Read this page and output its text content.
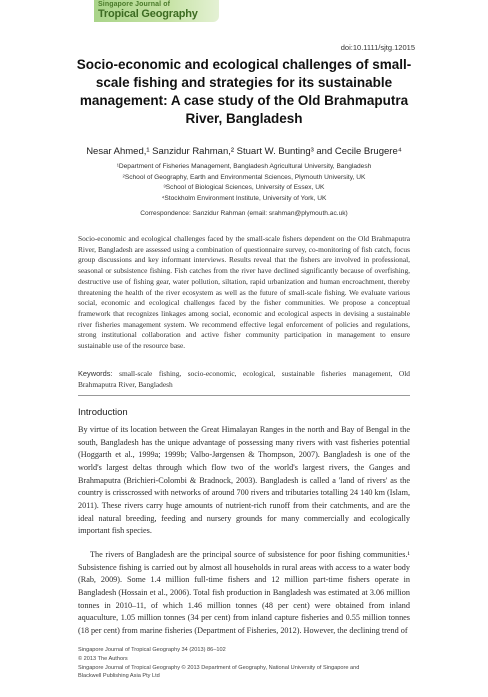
Singapore Journal of
Tropical Geography
doi:10.1111/sjtg.12015
Socio-economic and ecological challenges of small-scale fishing and strategies for its sustainable management: A case study of the Old Brahmaputra River, Bangladesh
Nesar Ahmed,¹ Sanzidur Rahman,² Stuart W. Bunting³ and Cecile Brugere⁴
¹Department of Fisheries Management, Bangladesh Agricultural University, Bangladesh
²School of Geography, Earth and Environmental Sciences, Plymouth University, UK
³School of Biological Sciences, University of Essex, UK
⁴Stockholm Environment Institute, University of York, UK
Correspondence: Sanzidur Rahman (email: srahman@plymouth.ac.uk)

Socio-economic and ecological challenges faced by the small-scale fishers dependent on the Old Brahmaputra River, Bangladesh are assessed using a combination of questionnaire survey, co-monitoring of fish catch, focus group discussions and key informant interviews. Results reveal that the fishers are involved in professional, seasonal or subsistence fishing. Fish catches from the river have declined significantly because of overfishing, destructive use of fishing gear, water pollution, siltation, rapid urbanization and human encroachment, thereby threatening the health of the river ecosystem as well as the future of small-scale fishing. We evaluate various social, economic and ecological challenges faced by the fisher communities. We propose a conceptual framework that recognizes linkages among social, economic and ecological aspects in devising a sustainable river fisheries management system. We recommend effective legal enforcement of policies and regulations, strong institutional collaboration and active fisher community participation in management to ensure sustainable use of the resource base.

Keywords: small-scale fishing, socio-economic, ecological, sustainable fisheries management, Old Brahmaputra River, Bangladesh

Introduction

By virtue of its location between the Great Himalayan Ranges in the north and Bay of Bengal in the south, Bangladesh has the unique advantage of possessing many rivers with vast fisheries potential (Hoggarth et al., 1999a; 1999b; Valbo-Jørgensen & Thompson, 2007). Bangladesh is one of the world's largest deltas through which flow two of the world's largest rivers, the Ganges and Brahmaputra (Brichieri-Colombi & Bradnock, 2003). Bangladesh is called a 'land of rivers' as the country is crisscrossed with networks of around 700 rivers and tributaries totalling 24 140 km (Islam, 2011). These rivers carry huge amounts of nutrient-rich runoff from their catchments, and are the ideal natural breeding, feeding and nursery grounds for many commercially and ecologically important fish species.

The rivers of Bangladesh are the principal source of subsistence for poor fishing communities.¹ Subsistence fishing is carried out by almost all households in rural areas with access to a water body (Rab, 2009). Some 1.4 million full-time fishers and 12 million part-time fishers operate in Bangladesh (Hossain et al., 2006). Total fish production in Bangladesh was estimated at 3.06 million tonnes in 2010–11, of which 1.46 million tonnes (48 per cent) were obtained from inland aquaculture, 1.05 million tonnes (34 per cent) from inland capture fisheries and 0.55 million tonnes (18 per cent) from marine fisheries (Department of Fisheries, 2012). However, the declining trend of

Singapore Journal of Tropical Geography 34 (2013) 86–102
© 2013 The Authors
Singapore Journal of Tropical Geography © 2013 Department of Geography, National University of Singapore and
Blackwell Publishing Asia Pty Ltd
